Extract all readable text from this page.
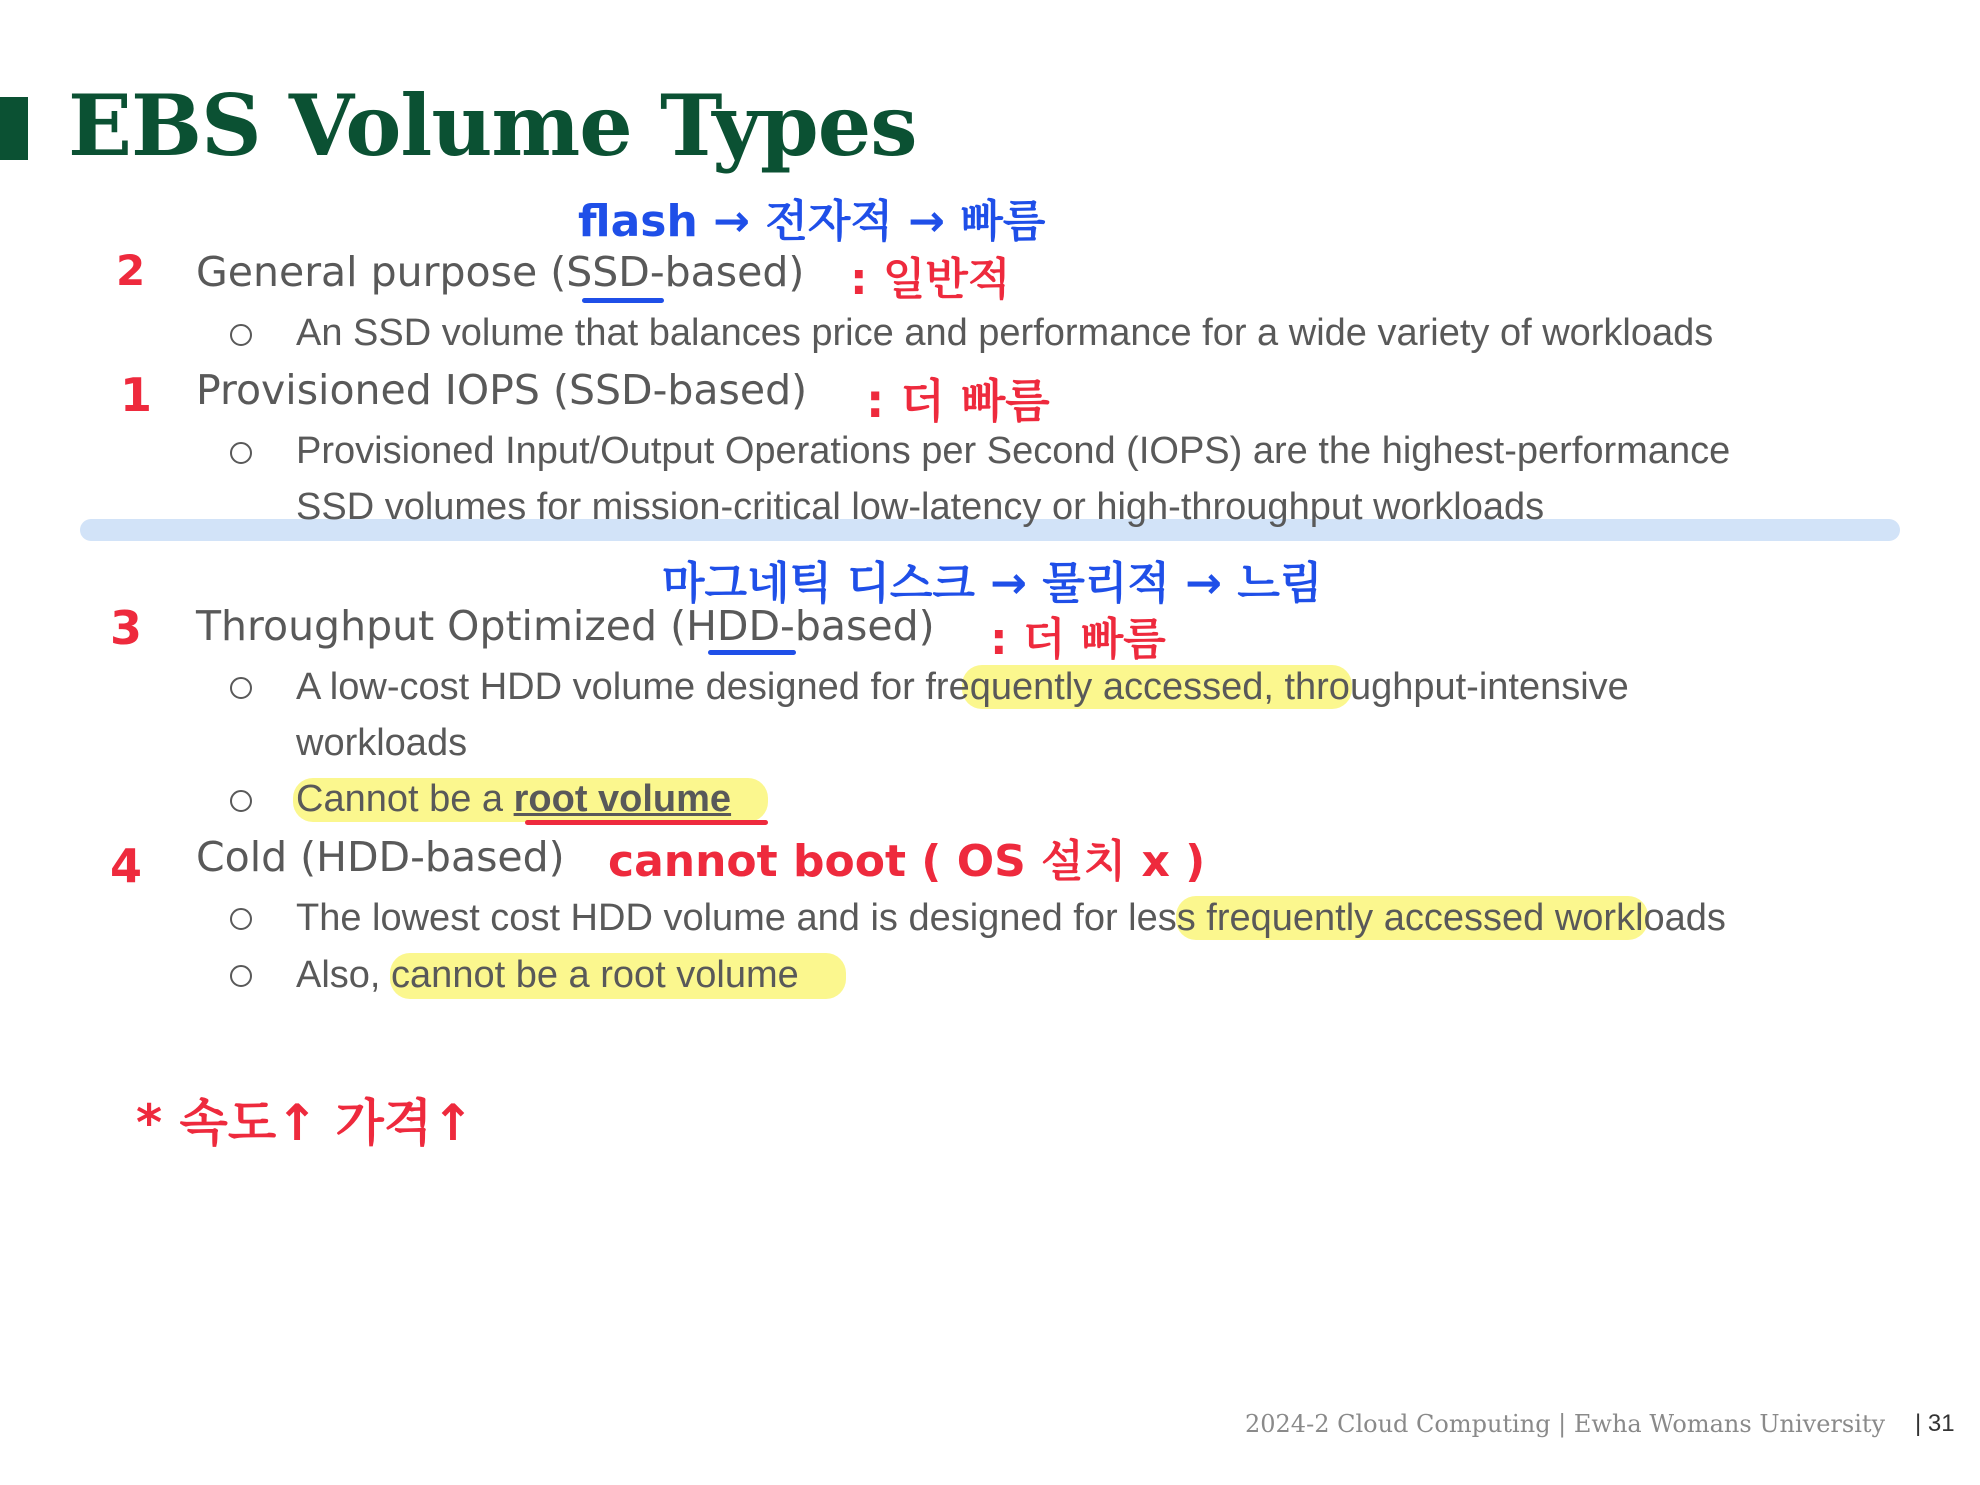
EBS Volume Types
General purpose (SSD-based)
An SSD volume that balances price and performance for a wide variety of workloads
Provisioned IOPS (SSD-based)
Provisioned Input/Output Operations per Second (IOPS) are the highest-performance
SSD volumes for mission-critical low-latency or high-throughput workloads
Throughput Optimized (HDD-based)
A low-cost HDD volume designed for frequently accessed, throughput-intensive
workloads
Cannot be a root volume
Cold (HDD-based)
The lowest cost HDD volume and is designed for less frequently accessed workloads
Also, cannot be a root volume
2
1
3
4
flash → 전자적 → 빠름
: 일반적
: 더 빠름
마그네틱 디스크 → 물리적 → 느림
: 더 빠름
cannot boot ( OS 설치 x )
* 속도↑ 가격↑
2024-2 Cloud Computing | Ewha Womans University | 31
